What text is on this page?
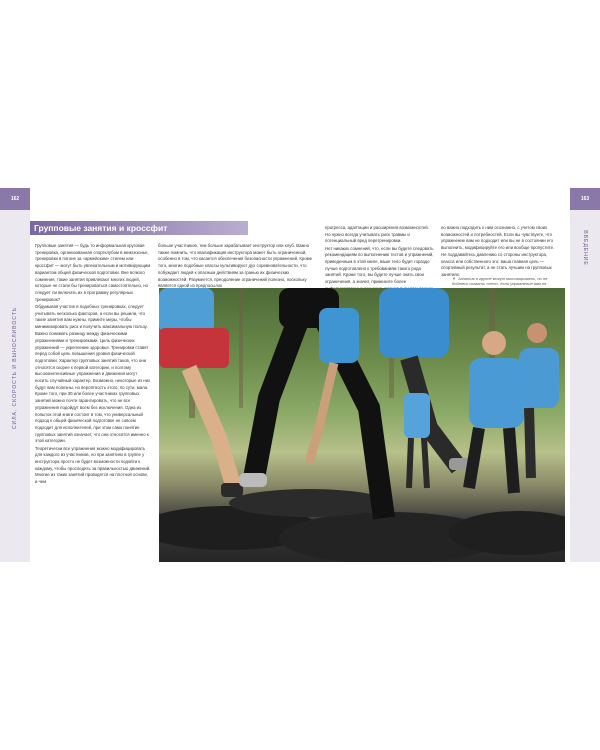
162	163
СИЛА, СКОРОСТЬ И ВЫНОСЛИВОСТЬ
ВВЕДЕНИЕ
Групповые занятия и кроссфит

Групповые занятия — будь то информальная круговая тренировка, организованная спортклубом в межсезонье, тренировки в погоне за «армейским» стилем или кроссфит — могут быть увлекательным и мотивирующим вариантом общей физической подготовки. Вне всякого сомнения, такие занятия привлекают многих людей, которые не стали бы тренироваться самостоятельно, но следует ли включать их в программу регулярных тренировок?

Обдумывая участие в подобных тренировках, следует учитывать несколько факторов, а если вы решили, что такие занятия вам нужны, примите меры, чтобы минимизировать риск и получить максимальную пользу.

Важно понимать разницу между физическими упражнениями и тренировками. Цель физических упражнений — укрепление здоровья. Тренировки ставят перед собой цель повышения уровня физической подготовки. Характер групповых занятий таков, что они относятся скорее к первой категории, и поэтому высокоинтенсивные упражнения и движения могут носить случайный характер. Возможно, некоторые из них будут вам полезны, но вероятность этого, по сути, мала. Кроме того, при 30 или более участниках групповых занятий можно почти гарантировать, что не все упражнения подойдут всем без исключения. Одна из попыток этой книги состоит в том, что универсальный подход к общей физической подготовке не совсем подходит для исполнителей, при этом само понятие групповых занятий означает, что они относятся именно к этой категории.

Теоретически все упражнения можно модифицировать для каждого из участников, но при занятиях в группе у инструктора просто не будет возможности подойти к каждому, чтобы проследить за правильностью движений. Многие из таких занятий проводятся на плотной основе, и чем

больше участников, тем больше зарабатывает инструктор или клуб. Важно также помнить, что квалификация инструктора может быть ограниченной, особенно в том, что касается обеспечения безопасности упражнений. Кроме того, многие подобные классы культивируют дух соревновательности, что побуждает людей к опасным действиям за гранью их физических возможностей. Разумеется, преодоление ограничений полезно, поскольку является одной из предпосылок

прогресса, адаптации и расширения возможностей. Но нужно всегда учитывать риск травмы и потенциальный вред перетренировки.

Нет никаких сомнений, что, если вы будете следовать рекомендациям по выполнению тестов и упражнений, приведенным в этой книге, ваше тело будет гораздо лучше подготовлено к требованиям такого рода занятий. Кроме того, вы будете лучше знать свои ограничения, а значит, примените более

но важно подходить к ним осознанно, с учетом своих возможностей и потребностей. Если вы чувствуете, что упражнение вам не подходит или вы не в состоянии его выполнить, модифицируйте его или вообще пропустите. Не поддавайтесь давлению со стороны инструктора, класса или собственного эго: ваша главная цель — спортивный результат, а не стать лучшим на групповых занятиях.

▼ Занятия в группе могут мотивировать, но не бойтесь сказать «нет», если упражнение вам не
